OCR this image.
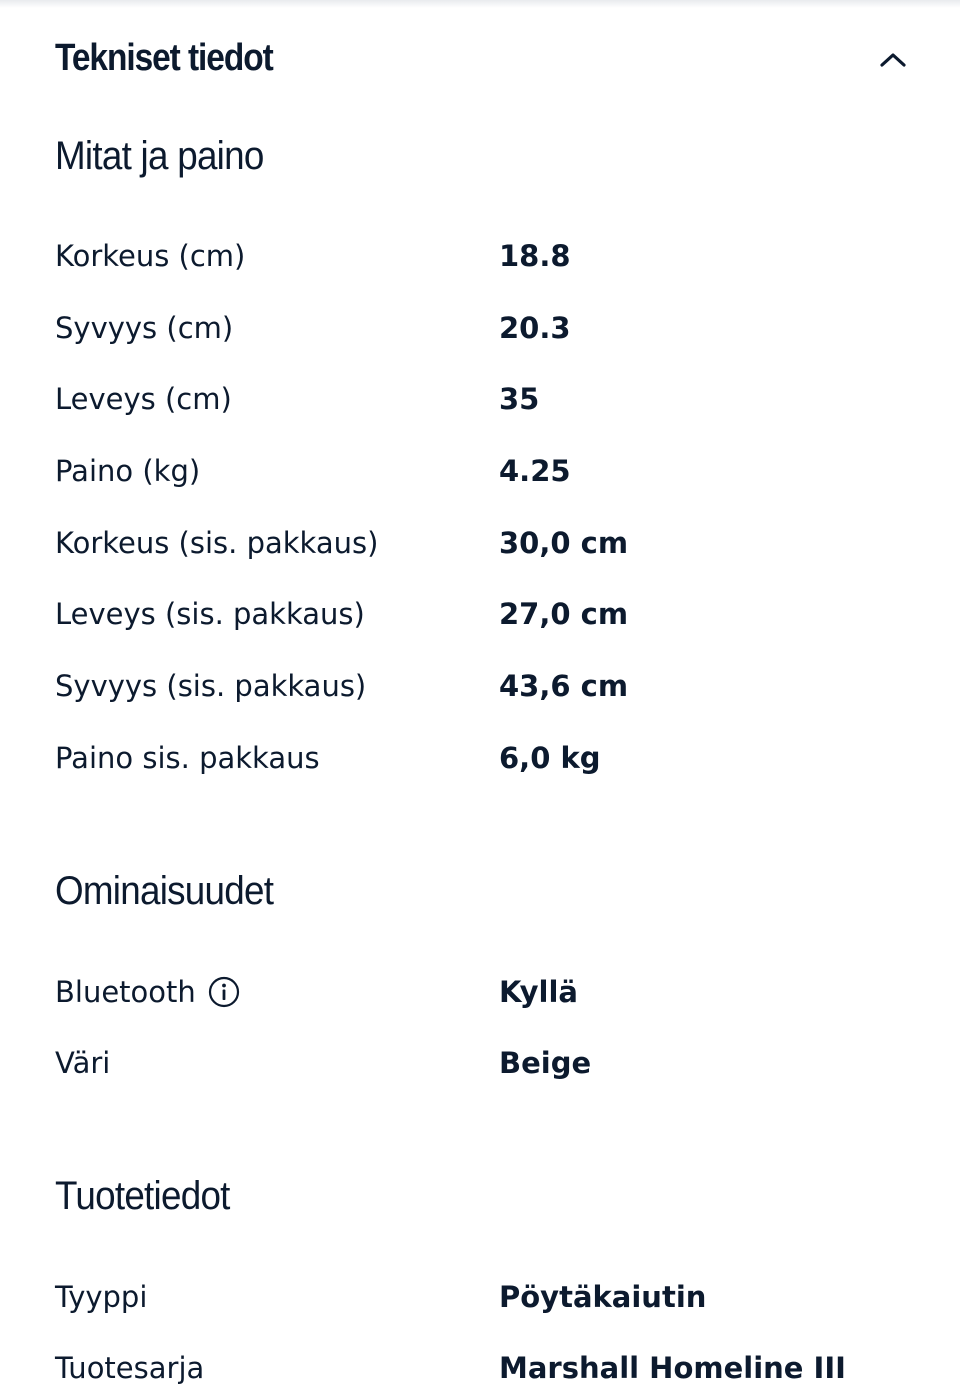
Tekniset tiedot
Mitat ja paino
Korkeus (cm)	18.8
Syvyys (cm)	20.3
Leveys (cm)	35
Paino (kg)	4.25
Korkeus (sis. pakkaus)	30,0 cm
Leveys (sis. pakkaus)	27,0 cm
Syvyys (sis. pakkaus)	43,6 cm
Paino sis. pakkaus	6,0 kg
Ominaisuudet
Bluetooth	Kyllä
Väri	Beige
Tuotetiedot
Tyyppi	Pöytäkaiutin
Tuotesarja	Marshall Homeline III
